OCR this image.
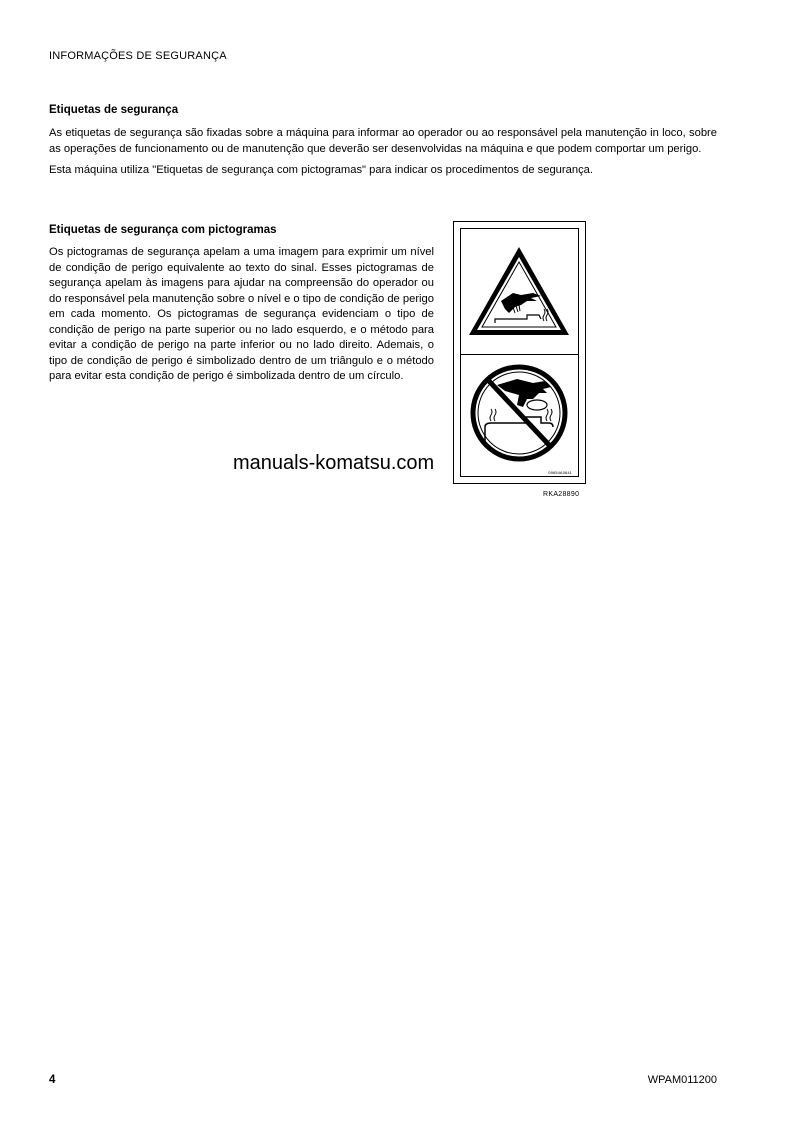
INFORMAÇÕES DE SEGURANÇA
Etiquetas de segurança

As etiquetas de segurança são fixadas sobre a máquina para informar ao operador ou ao responsável pela manutenção in loco, sobre as operações de funcionamento ou de manutenção que deverão ser desenvolvidas na máquina e que podem comportar um perigo.

Esta máquina utiliza "Etiquetas de segurança com pictogramas" para indicar os procedimentos de segurança.

Etiquetas de segurança com pictogramas

Os pictogramas de segurança apelam a uma imagem para exprimir um nível de condição de perigo equivalente ao texto do sinal. Esses pictogramas de segurança apelam às imagens para ajudar na compreensão do operador ou do responsável pela manutenção sobre o nível e o tipo de condição de perigo em cada momento. Os pictogramas de segurança evidenciam o tipo de condição de perigo na parte superior ou no lado esquerdo, e o método para evitar a condição de perigo na parte inferior ou no lado direito. Ademais, o tipo de condição de perigo é simbolizado dentro de um triângulo e o método para evitar esta condição de perigo é simbolizada dentro de um círculo.

09654A0641
RKA28890
manuals-komatsu.com
4	WPAM011200
